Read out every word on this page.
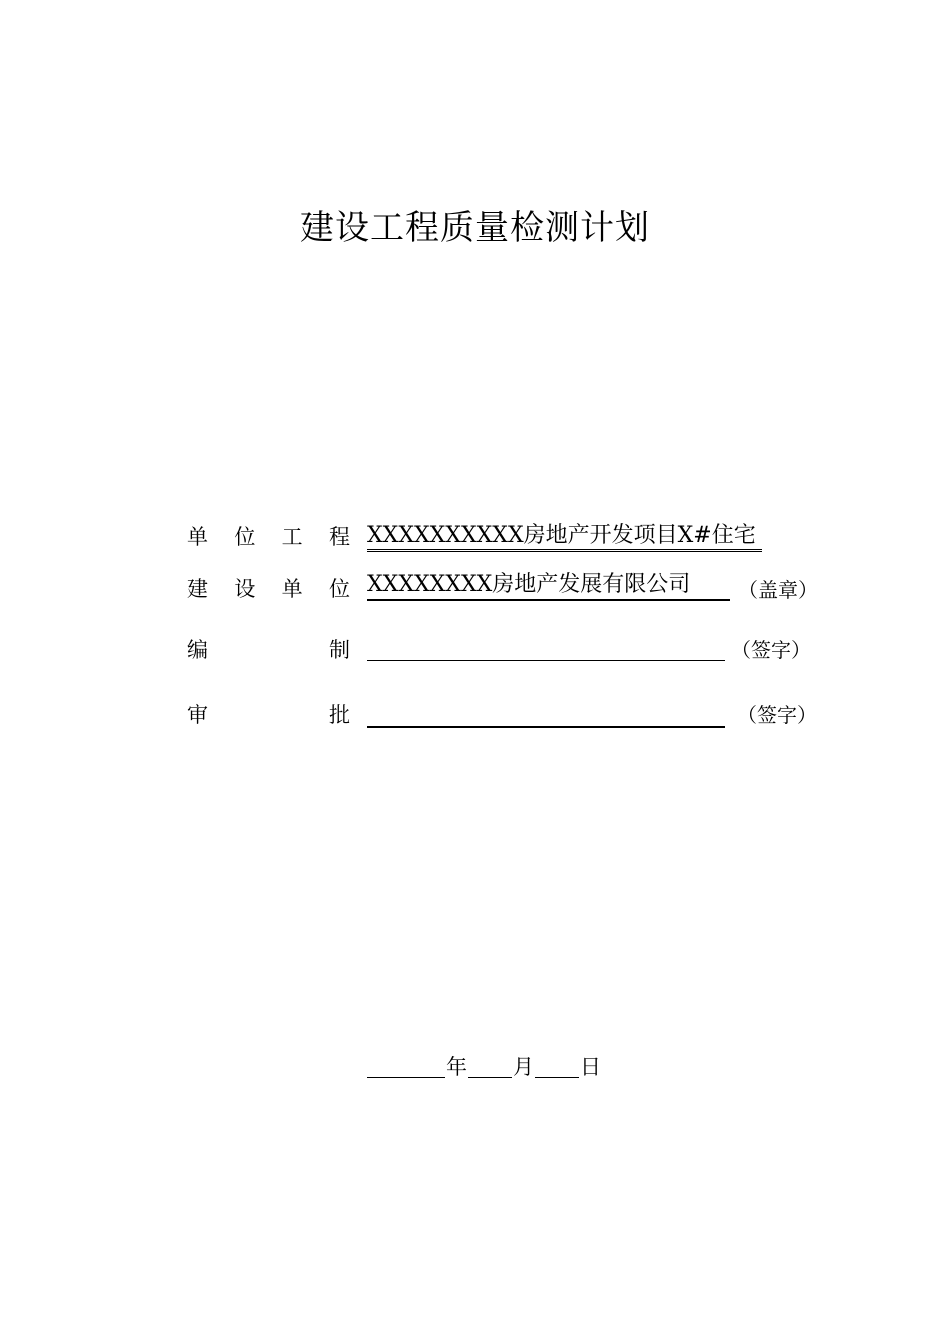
建设工程质量检测计划
单 位 工 程 XXXXXXXXXX房地产开发项目X#住宅
建 设 单 位 XXXXXXXX房地产发展有限公司 （盖章）
编	制	（签字）
审	批	（签字）
年 月 日
